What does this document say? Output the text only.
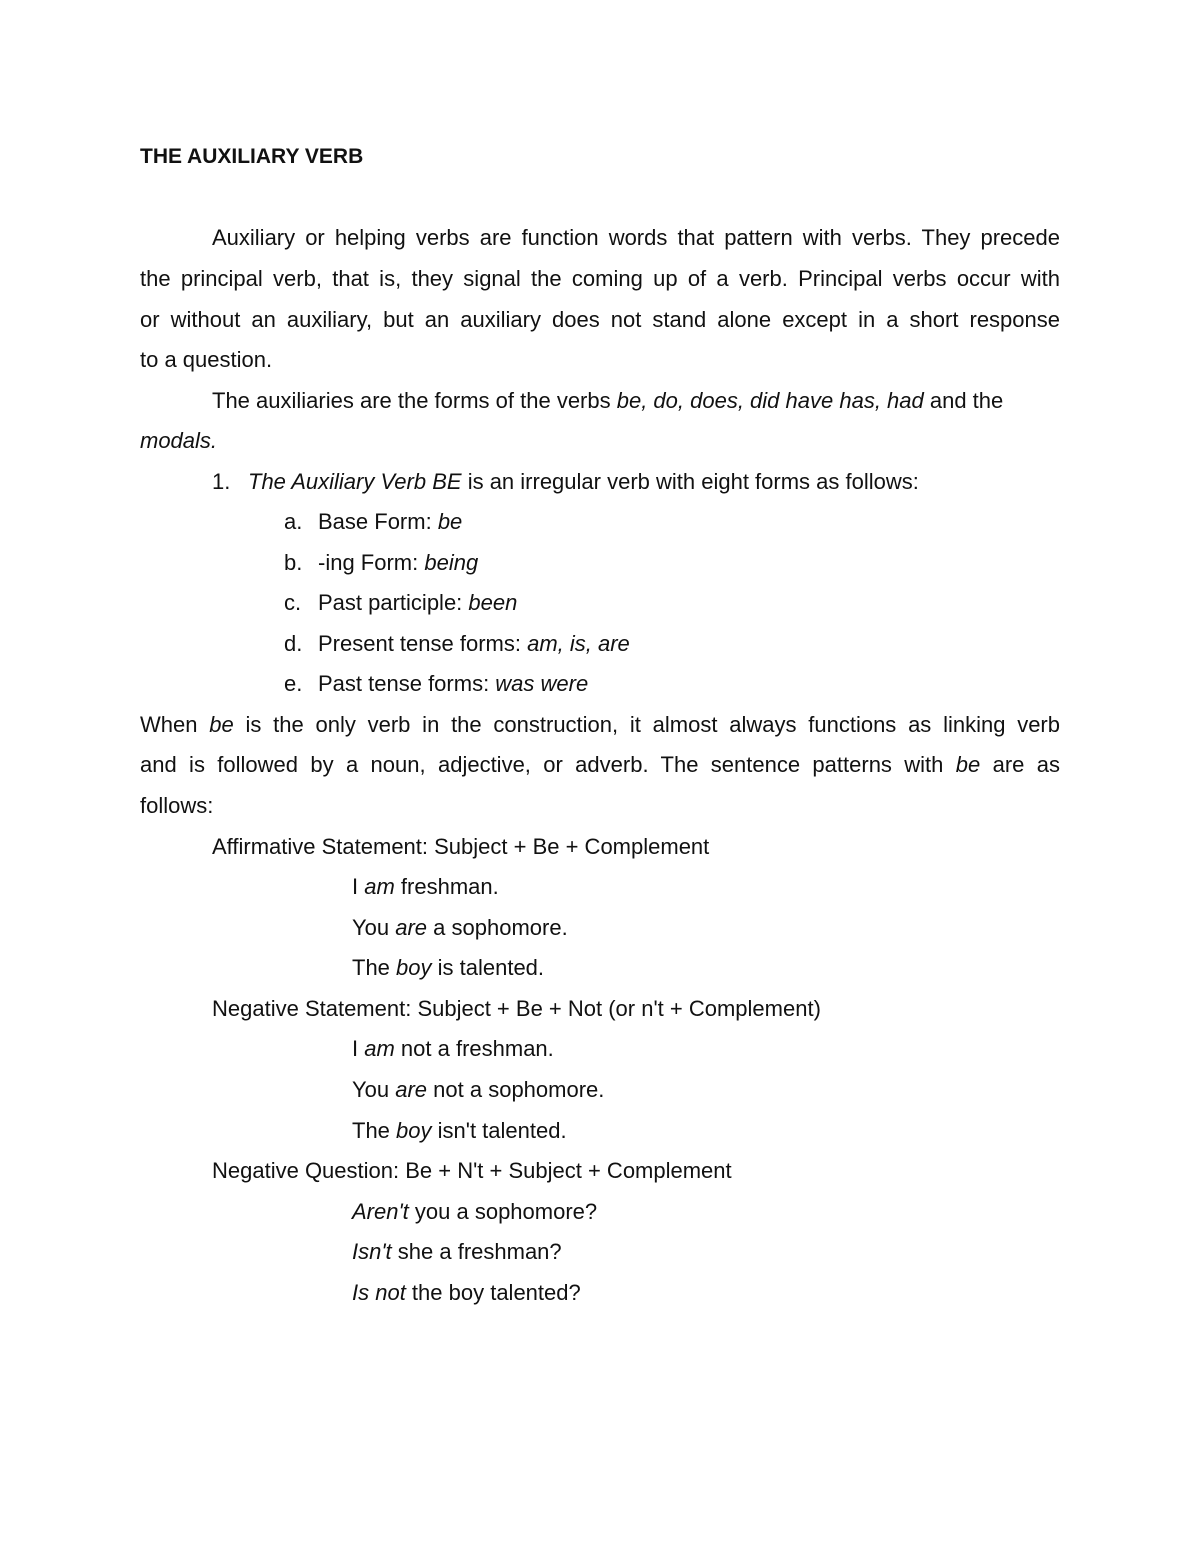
THE AUXILIARY VERB
Auxiliary or helping verbs are function words that pattern with verbs. They precede
the principal verb, that is, they signal the coming up of a verb. Principal verbs occur with
or without an auxiliary, but an auxiliary does not stand alone except in a short response
to a question.
The auxiliaries are the forms of the verbs be, do, does, did have has, had and the
modals.
1. The Auxiliary Verb BE is an irregular verb with eight forms as follows:
a. Base Form: be
b. -ing Form: being
c. Past participle: been
d. Present tense forms: am, is, are
e. Past tense forms: was were
When be is the only verb in the construction, it almost always functions as linking verb
and is followed by a noun, adjective, or adverb. The sentence patterns with be are as
follows:
Affirmative Statement: Subject + Be + Complement
I am freshman.
You are a sophomore.
The boy is talented.
Negative Statement: Subject + Be + Not (or n't + Complement)
I am not a freshman.
You are not a sophomore.
The boy isn't talented.
Negative Question: Be + N't + Subject + Complement
Aren't you a sophomore?
Isn't she a freshman?
Is not the boy talented?
